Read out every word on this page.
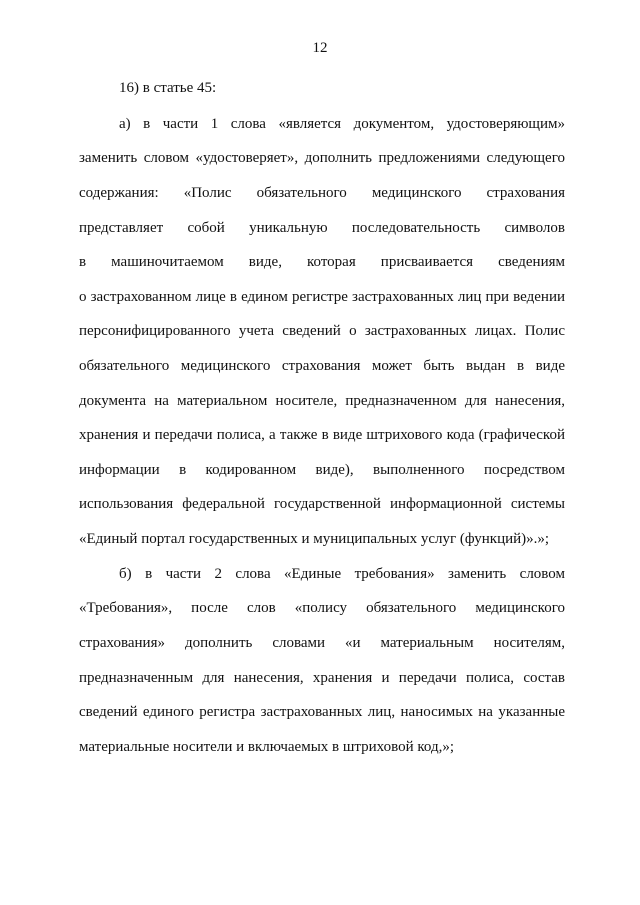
12
16) в статье 45:
а) в части 1 слова «является документом, удостоверяющим»
заменить словом «удостоверяет», дополнить предложениями следующего
содержания: «Полис обязательного медицинского страхования
представляет собой уникальную последовательность символов
в машиночитаемом виде, которая присваивается сведениям
о застрахованном лице в едином регистре застрахованных лиц при ведении
персонифицированного учета сведений о застрахованных лицах. Полис
обязательного медицинского страхования может быть выдан в виде
документа на материальном носителе, предназначенном для нанесения,
хранения и передачи полиса, а также в виде штрихового кода (графической
информации в кодированном виде), выполненного посредством
использования федеральной государственной информационной системы
«Единый портал государственных и муниципальных услуг (функций)».»;
б) в части 2 слова «Единые требования» заменить словом
«Требования», после слов «полису обязательного медицинского
страхования» дополнить словами «и материальным носителям,
предназначенным для нанесения, хранения и передачи полиса, состав
сведений единого регистра застрахованных лиц, наносимых на указанные
материальные носители и включаемых в штриховой код,»;
